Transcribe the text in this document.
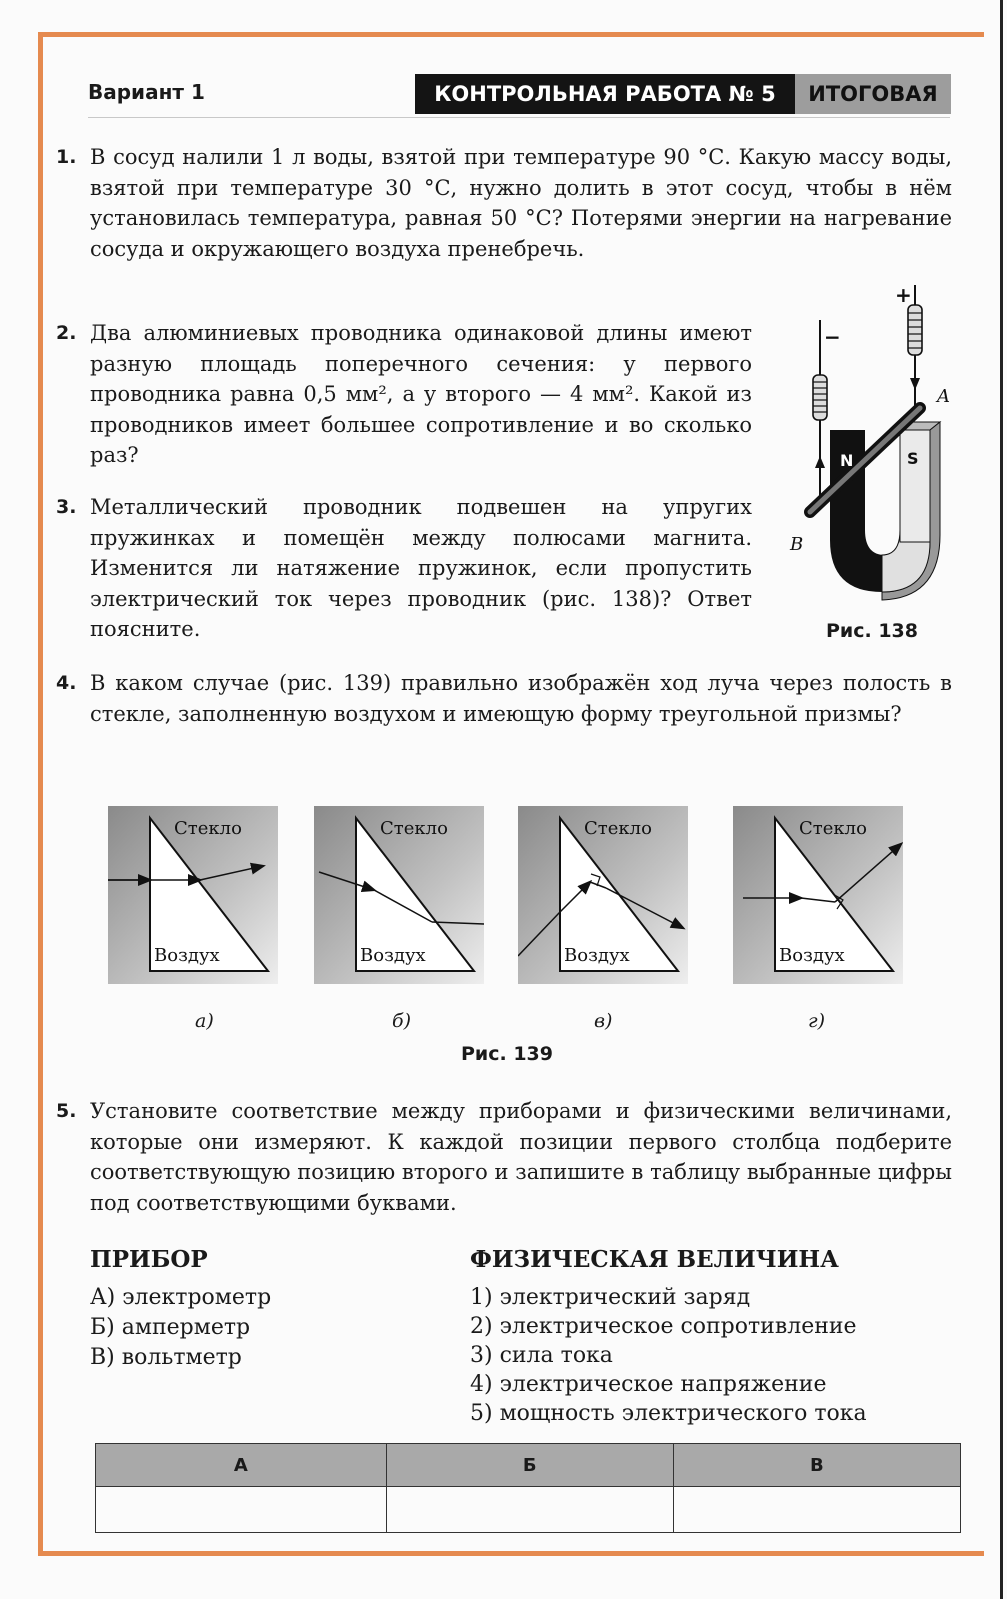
Вариант 1	КОНТРОЛЬНАЯ РАБОТА № 5	ИТОГОВАЯ
1. В сосуд налили 1 л воды, взятой при температуре 90 °С. Какую массу воды, взятой при температуре 30 °С, нужно долить в этот сосуд, чтобы в нём установилась температура, равная 50 °С? Потерями энергии на нагревание сосуда и окружающего воздуха пренебречь.
2. Два алюминиевых проводника одинаковой длины имеют разную площадь поперечного сечения: у первого проводника равна 0,5 мм², а у второго — 4 мм². Какой из проводников имеет большее сопротивление и во сколько раз?
3. Металлический проводник подвешен на упругих пружинках и помещён между полюсами магнита. Изменится ли натяжение пружинок, если пропустить электрический ток через проводник (рис. 138)? Ответ поясните.
N	S
+
−
A
B
Рис. 138
4. В каком случае (рис. 139) правильно изображён ход луча через полость в стекле, заполненную воздухом и имеющую форму треугольной призмы?
Стекло
Воздух
Стекло
Воздух
Стекло
Воздух
Стекло
Воздух
а)	б)	в)	г)
Рис. 139
5. Установите соответствие между приборами и физическими величинами, которые они измеряют. К каждой позиции первого столбца подберите соответствующую позицию второго и запишите в таблицу выбранные цифры под соответствующими буквами.
ПРИБОР
А) электрометр
Б) амперметр
В) вольтметр
ФИЗИЧЕСКАЯ ВЕЛИЧИНА
1) электрический заряд
2) электрическое сопротивление
3) сила тока
4) электрическое напряжение
5) мощность электрического тока
А	Б	В
